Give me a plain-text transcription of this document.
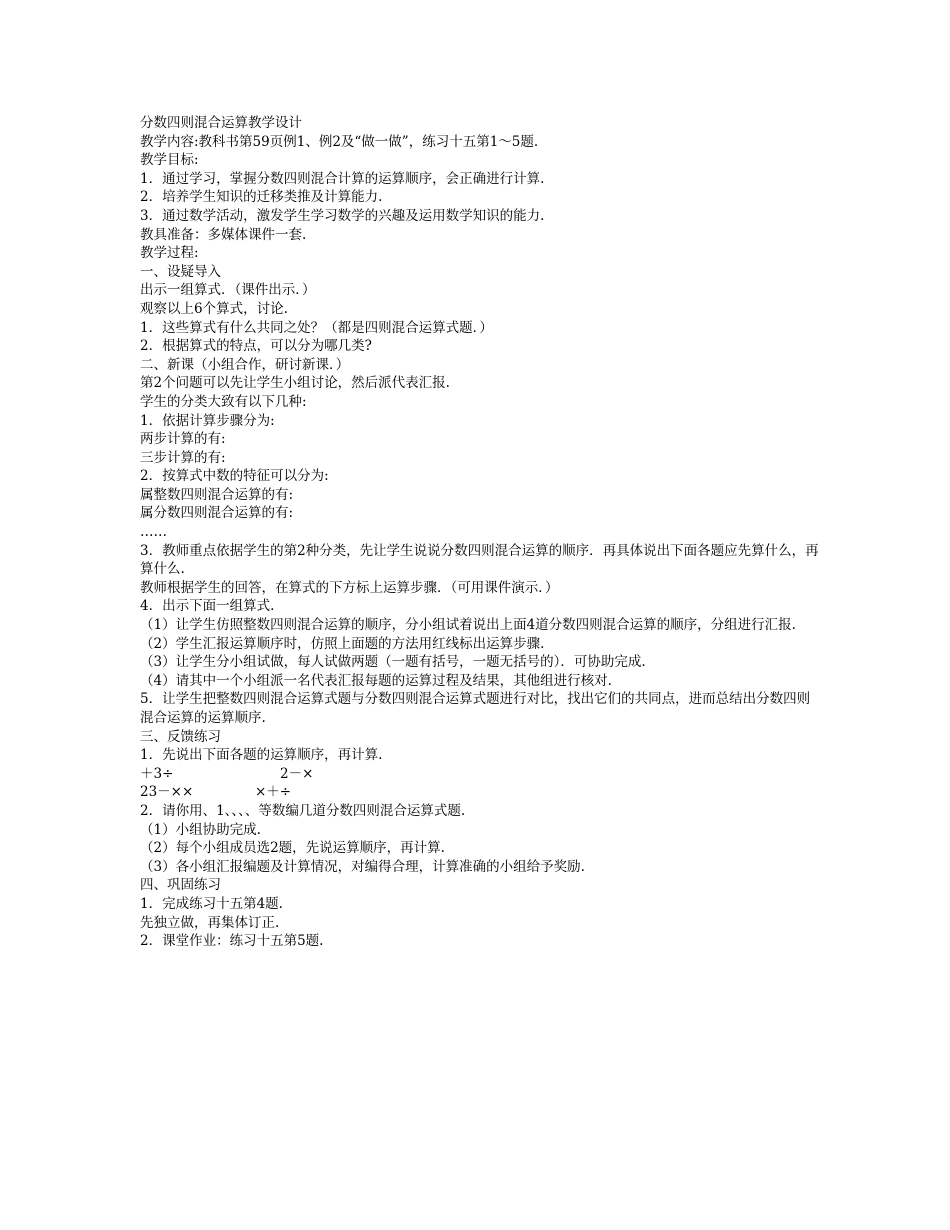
分数四则混合运算教学设计

教学内容:教科书第59页例1、例2及“做一做”，练习十五第1～5题.

教学目标:

1．通过学习，掌握分数四则混合计算的运算顺序，会正确进行计算.

2．培养学生知识的迁移类推及计算能力.

3．通过数学活动，激发学生学习数学的兴趣及运用数学知识的能力.

教具准备：多媒体课件一套.

教学过程:

一、设疑导入

出示一组算式．（课件出示．）

观察以上6个算式，讨论.

1．这些算式有什么共同之处？（都是四则混合运算式题．）

2．根据算式的特点，可以分为哪几类?

二、新课（小组合作，研讨新课．）

第2个问题可以先让学生小组讨论，然后派代表汇报.

学生的分类大致有以下几种:

1．依据计算步骤分为:

两步计算的有:

三步计算的有:

2．按算式中数的特征可以分为:

属整数四则混合运算的有:

属分数四则混合运算的有:

……

3．教师重点依据学生的第2种分类，先让学生说说分数四则混合运算的顺序．再具体说出下面各题应先算什么，再算什么.

教师根据学生的回答，在算式的下方标上运算步骤．（可用课件演示．）

4．出示下面一组算式.

（1）让学生仿照整数四则混合运算的顺序，分小组试着说出上面4道分数四则混合运算的顺序，分组进行汇报.

（2）学生汇报运算顺序时，仿照上面题的方法用红线标出运算步骤.

（3）让学生分小组试做，每人试做两题（一题有括号，一题无括号的）．可协助完成.

（4）请其中一个小组派一名代表汇报每题的运算过程及结果，其他组进行核对.

5．让学生把整数四则混合运算式题与分数四则混合运算式题进行对比，找出它们的共同点，进而总结出分数四则混合运算的运算顺序.

三、反馈练习

1．先说出下面各题的运算顺序，再计算.

＋3÷	2－×
23－××	×＋÷

2．请你用、1、、、、等数编几道分数四则混合运算式题.

（1）小组协助完成.

（2）每个小组成员选2题，先说运算顺序，再计算.

（3）各小组汇报编题及计算情况，对编得合理，计算准确的小组给予奖励.

四、巩固练习

1．完成练习十五第4题.

先独立做，再集体订正.

2．课堂作业：练习十五第5题.
